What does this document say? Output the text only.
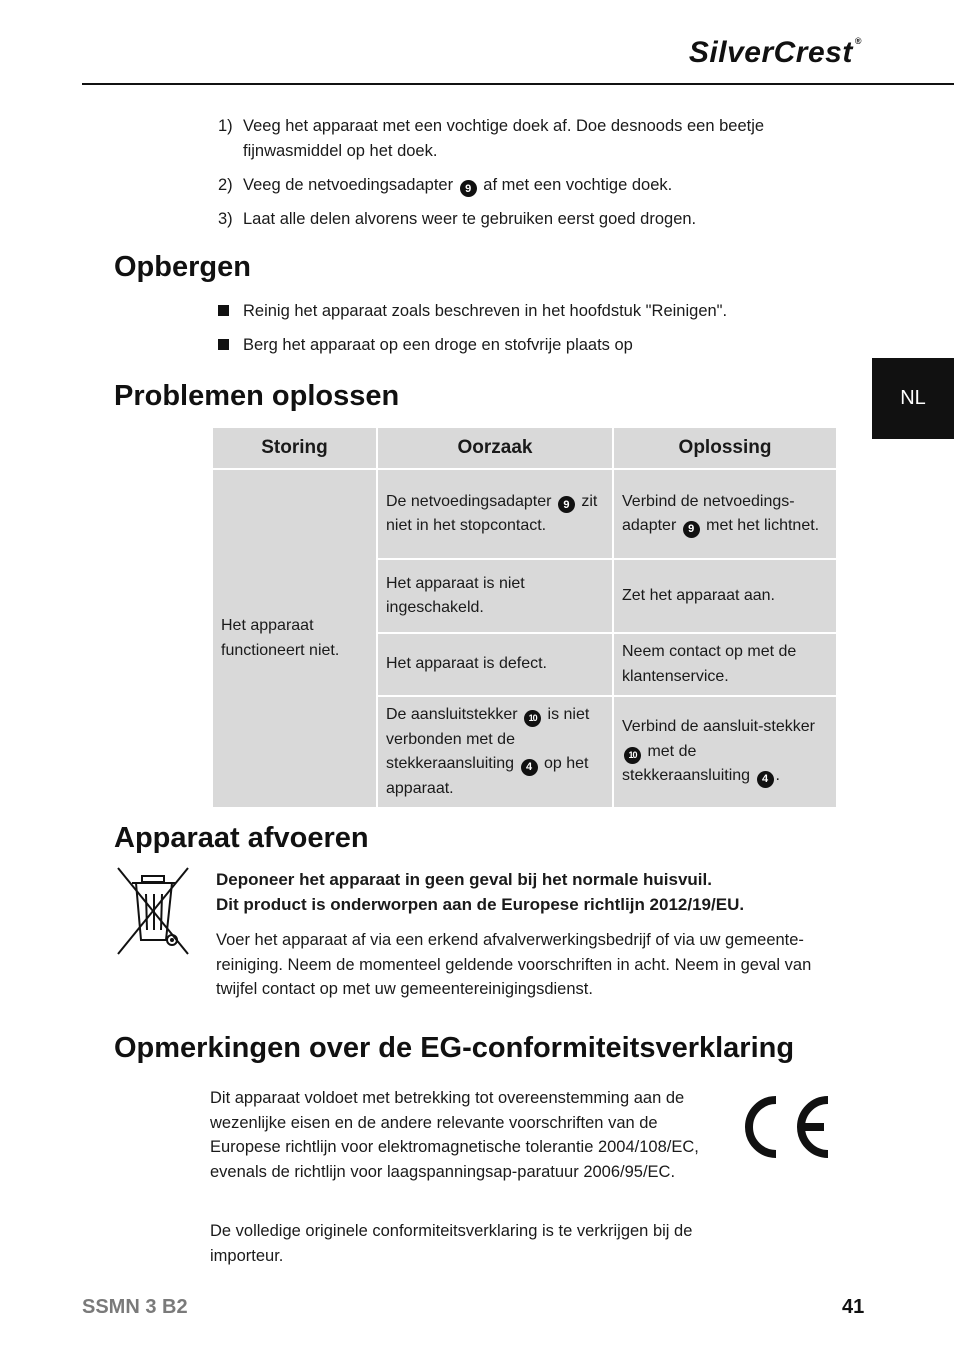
SilverCrest ®
NL
1) Veeg het apparaat met een vochtige doek af. Doe desnoods een beetje fijnwasmiddel op het doek.
2) Veeg de netvoedingsadapter 9 af met een vochtige doek.
3) Laat alle delen alvorens weer te gebruiken eerst goed drogen.
Opbergen
Reinig het apparaat zoals beschreven in het hoofdstuk "Reinigen".
Berg het apparaat op een droge en stofvrije plaats op
Problemen oplossen
Storing	Oorzaak	Oplossing
Het apparaat functioneert niet.	De netvoedingsadapter 9 zit niet in het stopcontact.	Verbind de netvoedings-adapter 9 met het lichtnet.
	Het apparaat is niet ingeschakeld.	Zet het apparaat aan.
	Het apparaat is defect.	Neem contact op met de klantenservice.
	De aansluitstekker 10 is niet verbonden met de stekkeraansluiting 4 op het apparaat.	Verbind de aansluit-stekker 10 met de stekkeraansluiting 4 .
Apparaat afvoeren
Deponeer het apparaat in geen geval bij het normale huisvuil.
Dit product is onderworpen aan de Europese richtlijn 2012/19/EU.
Voer het apparaat af via een erkend afvalverwerkingsbedrijf of via uw gemeente-reiniging. Neem de momenteel geldende voorschriften in acht. Neem in geval van twijfel contact op met uw gemeentereinigingsdienst.
Opmerkingen over de EG-conformiteitsverklaring

Dit apparaat voldoet met betrekking tot overeenstemming aan de wezenlijke eisen en de andere relevante voorschriften van de Europese richtlijn voor elektromagnetische tolerantie 2004/108/EC, evenals de richtlijn voor laagspanningsap-paratuur 2006/95/EC.

De volledige originele conformiteitsverklaring is te verkrijgen bij de importeur.

SSMN 3 B2	41
